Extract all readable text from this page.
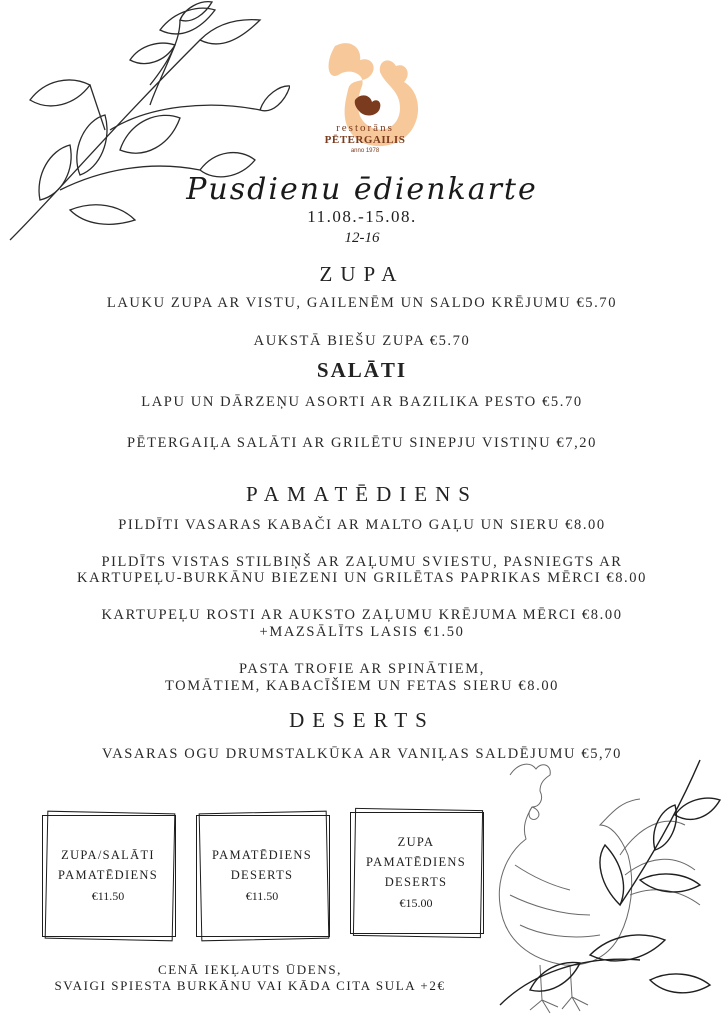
restorāns
PĒTERGAILIS
anno 1978
Pusdienu ēdienkarte
11.08.-15.08.
12-16
ZUPA
LAUKU ZUPA AR VISTU, GAILENĒM UN SALDO KRĒJUMU €5.70
AUKSTĀ BIEŠU ZUPA €5.70
SALĀTI
LAPU UN DĀRZEŅU ASORTI AR BAZILIKA PESTO €5.70
PĒTERGAIĻA SALĀTI AR GRILĒTU SINEPJU VISTIŅU €7,20
PAMATĒDIENS
PILDĪTI VASARAS KABAČI AR MALTO GAĻU UN SIERU €8.00
PILDĪTS VISTAS STILBIŅŠ AR ZAĻUMU SVIESTU, PASNIEGTS AR
KARTUPEĻU-BURKĀNU BIEZENI UN GRILĒTAS PAPRIKAS MĒRCI €8.00
KARTUPEĻU ROSTI AR AUKSTO ZAĻUMU KRĒJUMA MĒRCI €8.00
+MAZSĀLĪTS LASIS €1.50
PASTA TROFIE AR SPINĀTIEM,
TOMĀTIEM, KABACĪŠIEM UN FETAS SIERU €8.00
DESERTS
VASARAS OGU DRUMSTALKŪKA AR VANIĻAS SALDĒJUMU €5,70
ZUPA/SALĀTI
PAMATĒDIENS
€11.50
PAMATĒDIENS
DESERTS
€11.50
ZUPA
PAMATĒDIENS
DESERTS
€15.00
CENĀ IEKĻAUTS ŪDENS,
SVAIGI SPIESTA BURKĀNU VAI KĀDA CITA SULA +2€
